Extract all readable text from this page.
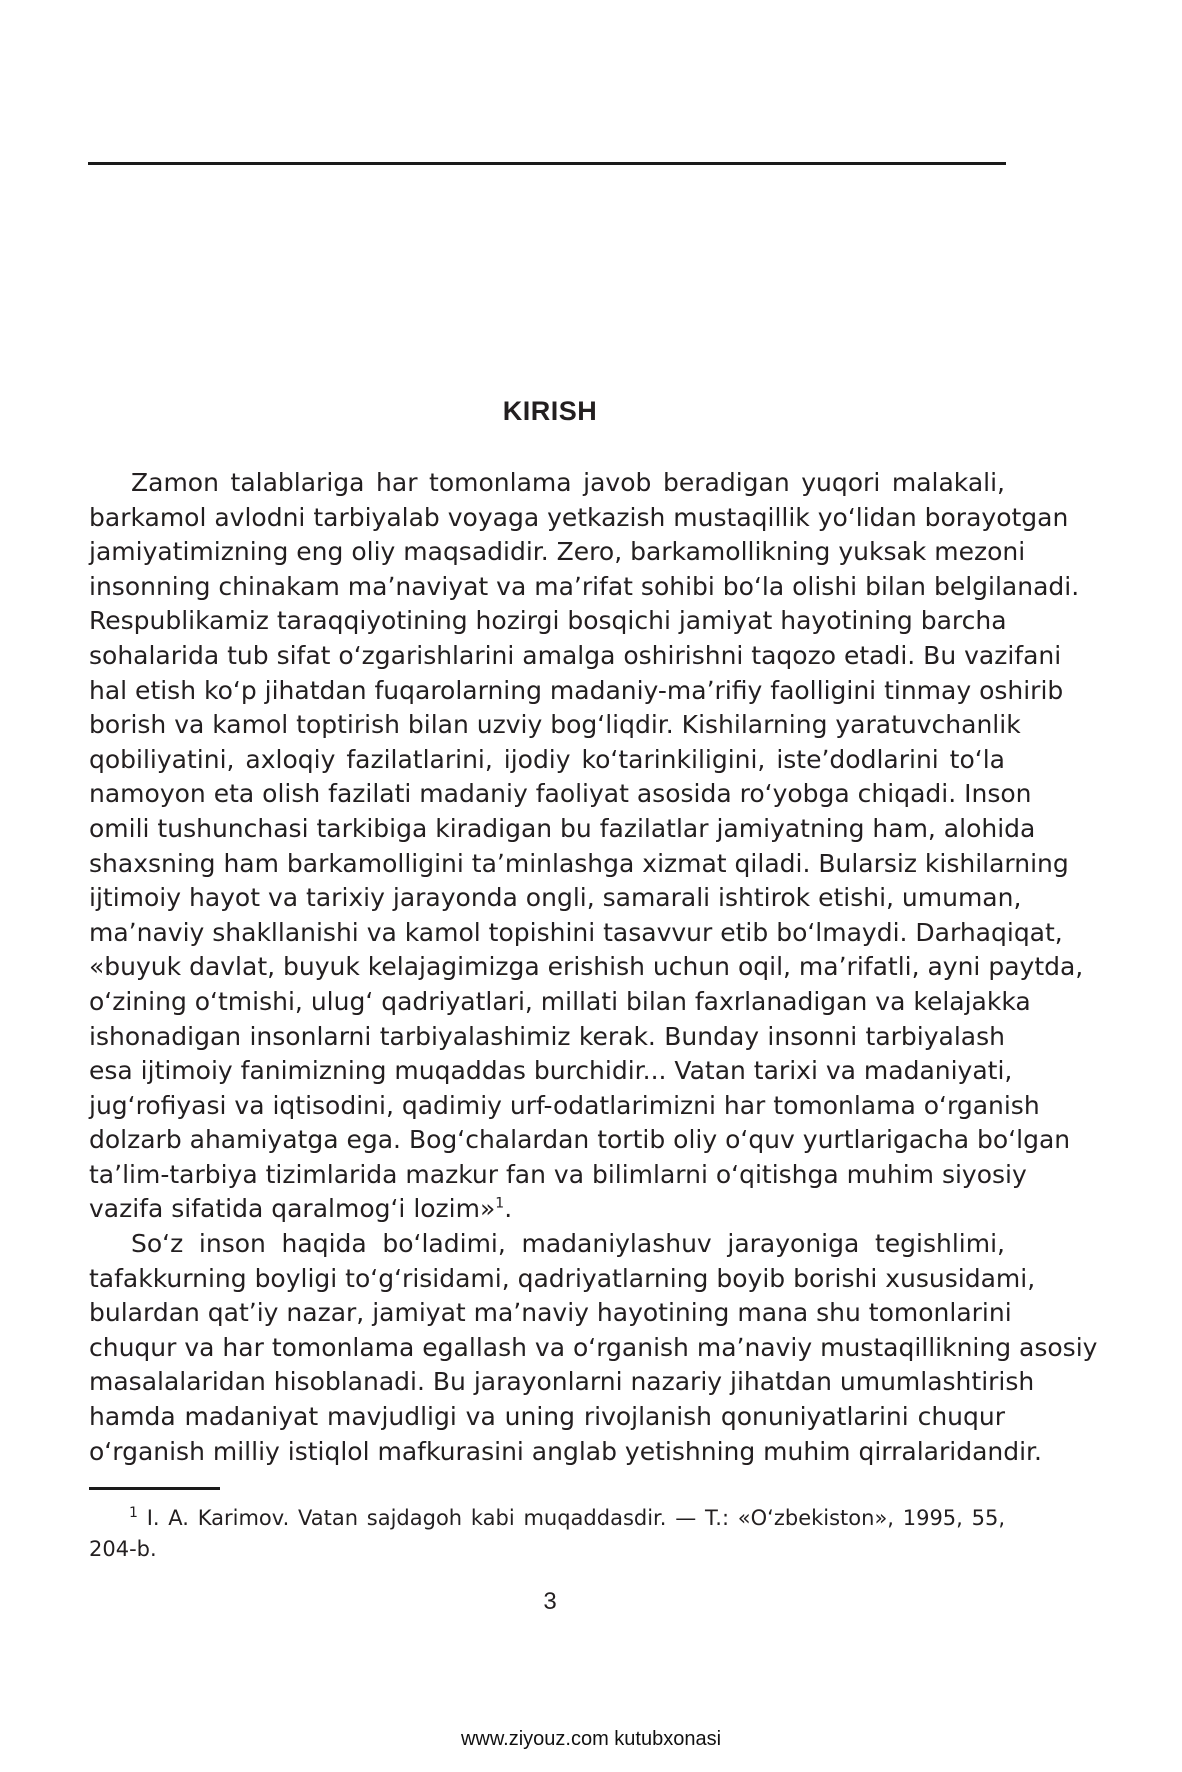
KIRISH
Zamon talablariga har tomonlama javob beradigan yuqori malakali,
barkamol avlodni tarbiyalab voyaga yetkazish mustaqillik yoʻlidan borayotgan
jamiyatimizning eng oliy maqsadidir. Zero, barkamollikning yuksak mezoni
insonning chinakam maʼnaviyat va maʼrifat sohibi boʻla olishi bilan belgilanadi.
Respublikamiz taraqqiyotining hozirgi bosqichi jamiyat hayotining barcha
sohalarida tub sifat oʻzgarishlarini amalga oshirishni taqozo etadi. Bu vazifani
hal etish koʻp jihatdan fuqarolarning madaniy-maʼrifiy faolligini tinmay oshirib
borish va kamol toptirish bilan uzviy bogʻliqdir. Kishilarning yaratuvchanlik
qobiliyatini, axloqiy fazilatlarini, ijodiy koʻtarinkiligini, isteʼdodlarini toʻla
namoyon eta olish fazilati madaniy faoliyat asosida roʻyobga chiqadi. Inson
omili tushunchasi tarkibiga kiradigan bu fazilatlar jamiyatning ham, alohida
shaxsning ham barkamolligini taʼminlashga xizmat qiladi. Bularsiz kishilarning
ijtimoiy hayot va tarixiy jarayonda ongli, samarali ishtirok etishi, umuman,
maʼnaviy shakllanishi va kamol topishini tasavvur etib boʻlmaydi. Darhaqiqat,
«buyuk davlat, buyuk kelajagimizga erishish uchun oqil, maʼrifatli, ayni paytda,
oʻzining oʻtmishi, ulugʻ qadriyatlari, millati bilan faxrlanadigan va kelajakka
ishonadigan insonlarni tarbiyalashimiz kerak. Bunday insonni tarbiyalash
esa ijtimoiy fanimizning muqaddas burchidir... Vatan tarixi va madaniyati,
jugʻrofiyasi va iqtisodini, qadimiy urf-odatlarimizni har tomonlama oʻrganish
dolzarb ahamiyatga ega. Bogʻchalardan tortib oliy oʻquv yurtlarigacha boʻlgan
taʼlim-tarbiya tizimlarida mazkur fan va bilimlarni oʻqitishga muhim siyosiy
vazifa sifatida qaralmogʻi lozim»$^1$.
Soʻz inson haqida boʻladimi, madaniylashuv jarayoniga tegishlimi,
tafakkurning boyligi toʻgʻrisidami, qadriyatlarning boyib borishi xususidami,
bulardan qatʼiy nazar, jamiyat maʼnaviy hayotining mana shu tomonlarini
chuqur va har tomonlama egallash va oʻrganish maʼnaviy mustaqillikning asosiy
masalalaridan hisoblanadi. Bu jarayonlarni nazariy jihatdan umumlashtirish
hamda madaniyat mavjudligi va uning rivojlanish qonuniyatlarini chuqur
oʻrganish milliy istiqlol mafkurasini anglab yetishning muhim qirralaridandir.
$^1$ I. A. Karimov. Vatan sajdagoh kabi muqaddasdir. — T.: «Oʻzbekiston», 1995, 55,
204-b.
3
www.ziyouz.com kutubxonasi
